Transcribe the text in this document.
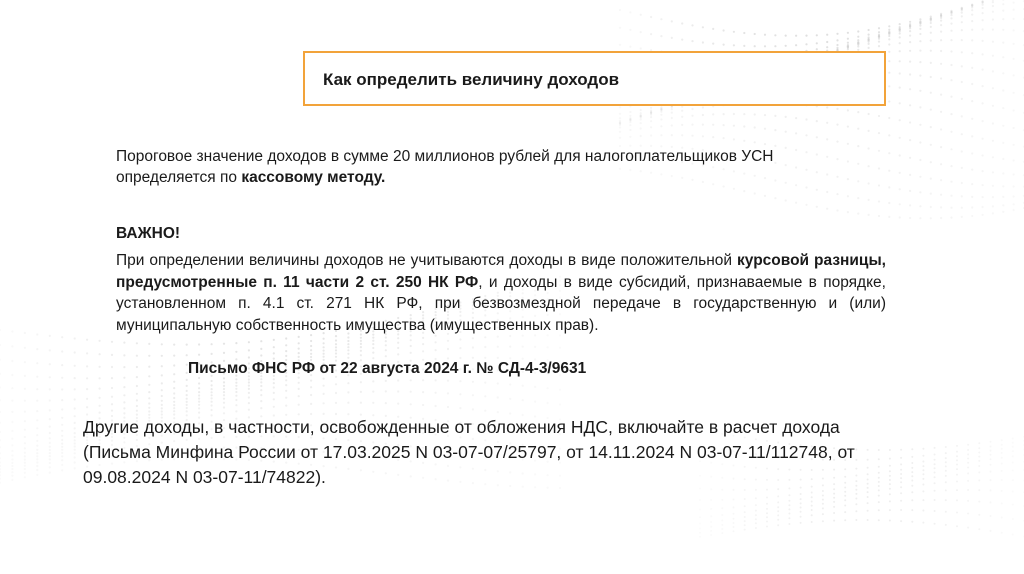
Как определить величину доходов
Пороговое значение доходов в сумме 20 миллионов рублей для налогоплательщиков УСН определяется по кассовому методу.
ВАЖНО!
При определении величины доходов не учитываются доходы в виде положительной курсовой разницы, предусмотренные п. 11 части 2 ст. 250 НК РФ, и доходы в виде субсидий, признаваемые в порядке, установленном п. 4.1 ст. 271 НК РФ, при безвозмездной передаче в государственную и (или) муниципальную собственность имущества (имущественных прав).
Письмо ФНС РФ от 22 августа 2024 г. № СД-4-3/9631
Другие доходы, в частности, освобожденные от обложения НДС, включайте в расчет дохода (Письма Минфина России от 17.03.2025 N 03-07-07/25797, от 14.11.2024 N 03-07-11/112748, от 09.08.2024 N 03-07-11/74822).
